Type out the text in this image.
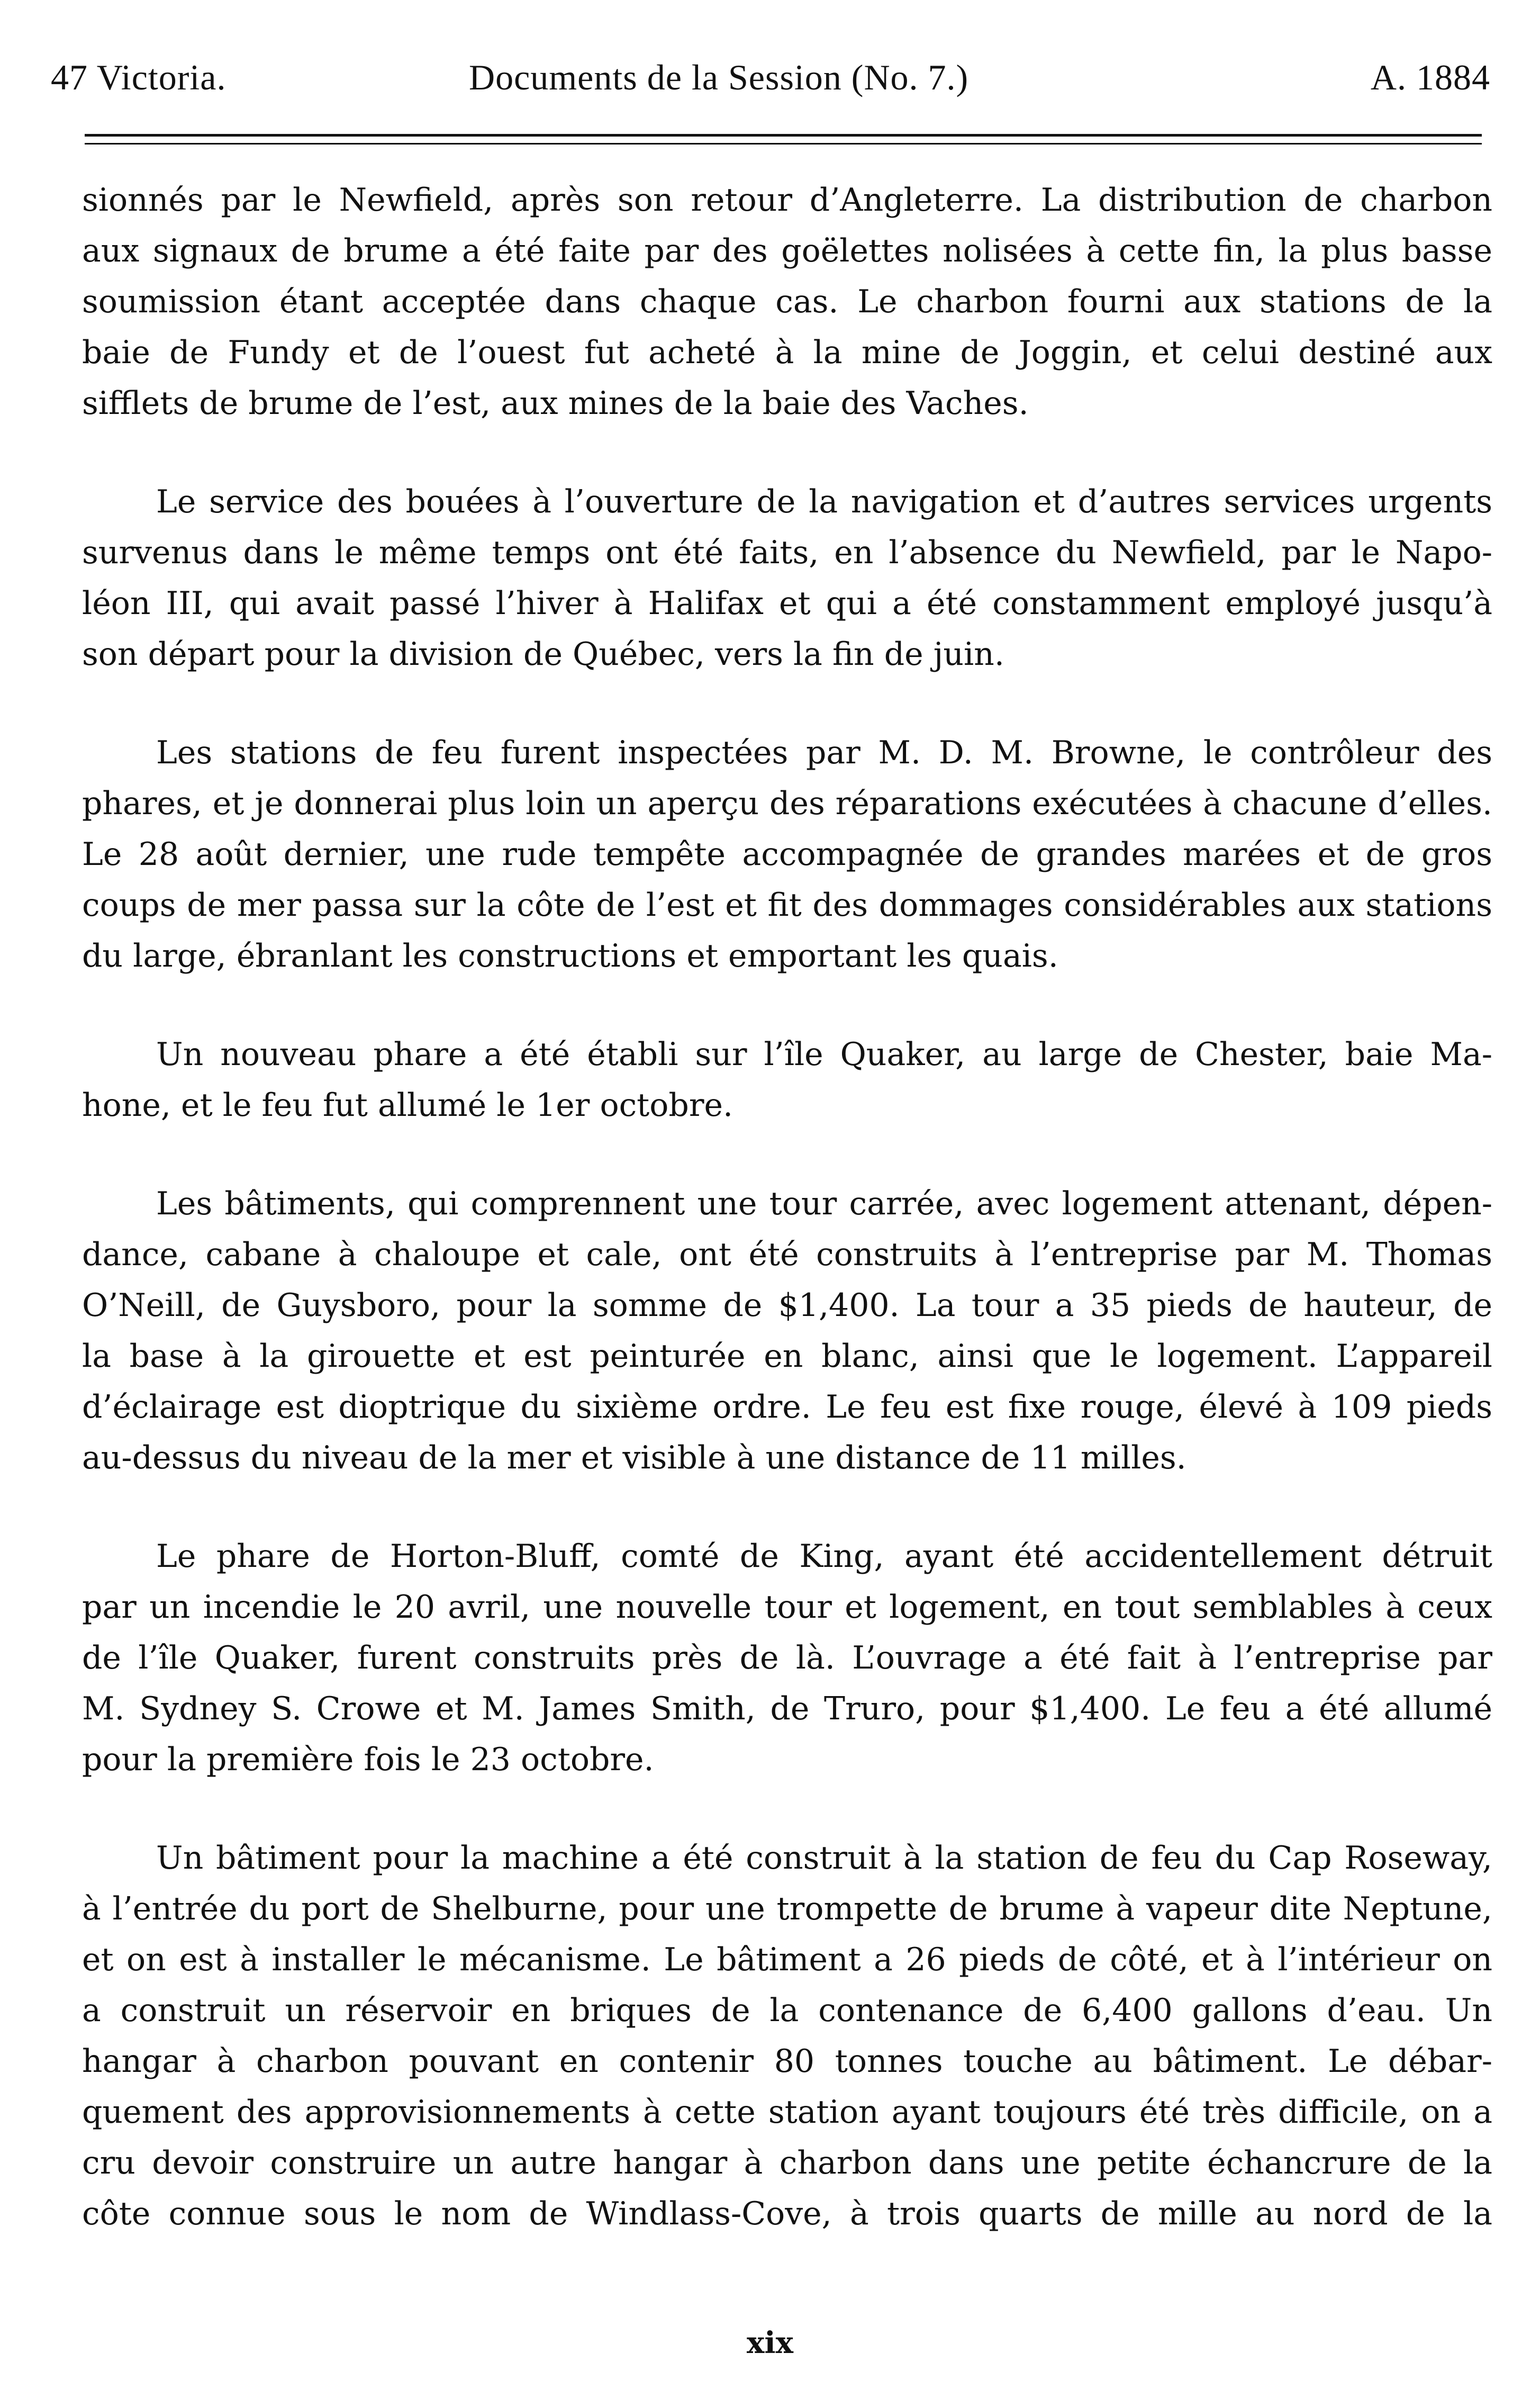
47 Victoria.	Documents de la Session (No. 7.)	A. 1884
sionnés par le Newfield, après son retour d’Angleterre. La distribution de charbon
aux signaux de brume a été faite par des goëlettes nolisées à cette fin, la plus basse
soumission étant acceptée dans chaque cas. Le charbon fourni aux stations de la
baie de Fundy et de l’ouest fut acheté à la mine de Joggin, et celui destiné aux
sifflets de brume de l’est, aux mines de la baie des Vaches.
Le service des bouées à l’ouverture de la navigation et d’autres services urgents
survenus dans le même temps ont été faits, en l’absence du Newfield, par le Napo-
léon III, qui avait passé l’hiver à Halifax et qui a été constamment employé jusqu’à
son départ pour la division de Québec, vers la fin de juin.
Les stations de feu furent inspectées par M. D. M. Browne, le contrôleur des
phares, et je donnerai plus loin un aperçu des réparations exécutées à chacune d’elles.
Le 28 août dernier, une rude tempête accompagnée de grandes marées et de gros
coups de mer passa sur la côte de l’est et fit des dommages considérables aux stations
du large, ébranlant les constructions et emportant les quais.
Un nouveau phare a été établi sur l’île Quaker, au large de Chester, baie Ma-
hone, et le feu fut allumé le 1er octobre.
Les bâtiments, qui comprennent une tour carrée, avec logement attenant, dépen-
dance, cabane à chaloupe et cale, ont été construits à l’entreprise par M. Thomas
O’Neill, de Guysboro, pour la somme de $1,400. La tour a 35 pieds de hauteur, de
la base à la girouette et est peinturée en blanc, ainsi que le logement. L’appareil
d’éclairage est dioptrique du sixième ordre. Le feu est fixe rouge, élevé à 109 pieds
au-dessus du niveau de la mer et visible à une distance de 11 milles.
Le phare de Horton-Bluff, comté de King, ayant été accidentellement détruit
par un incendie le 20 avril, une nouvelle tour et logement, en tout semblables à ceux
de l’île Quaker, furent construits près de là. L’ouvrage a été fait à l’entreprise par
M. Sydney S. Crowe et M. James Smith, de Truro, pour $1,400. Le feu a été allumé
pour la première fois le 23 octobre.
Un bâtiment pour la machine a été construit à la station de feu du Cap Roseway,
à l’entrée du port de Shelburne, pour une trompette de brume à vapeur dite Neptune,
et on est à installer le mécanisme. Le bâtiment a 26 pieds de côté, et à l’intérieur on
a construit un réservoir en briques de la contenance de 6,400 gallons d’eau. Un
hangar à charbon pouvant en contenir 80 tonnes touche au bâtiment. Le débar-
quement des approvisionnements à cette station ayant toujours été très difficile, on a
cru devoir construire un autre hangar à charbon dans une petite échancrure de la
côte connue sous le nom de Windlass-Cove, à trois quarts de mille au nord de la
xix
